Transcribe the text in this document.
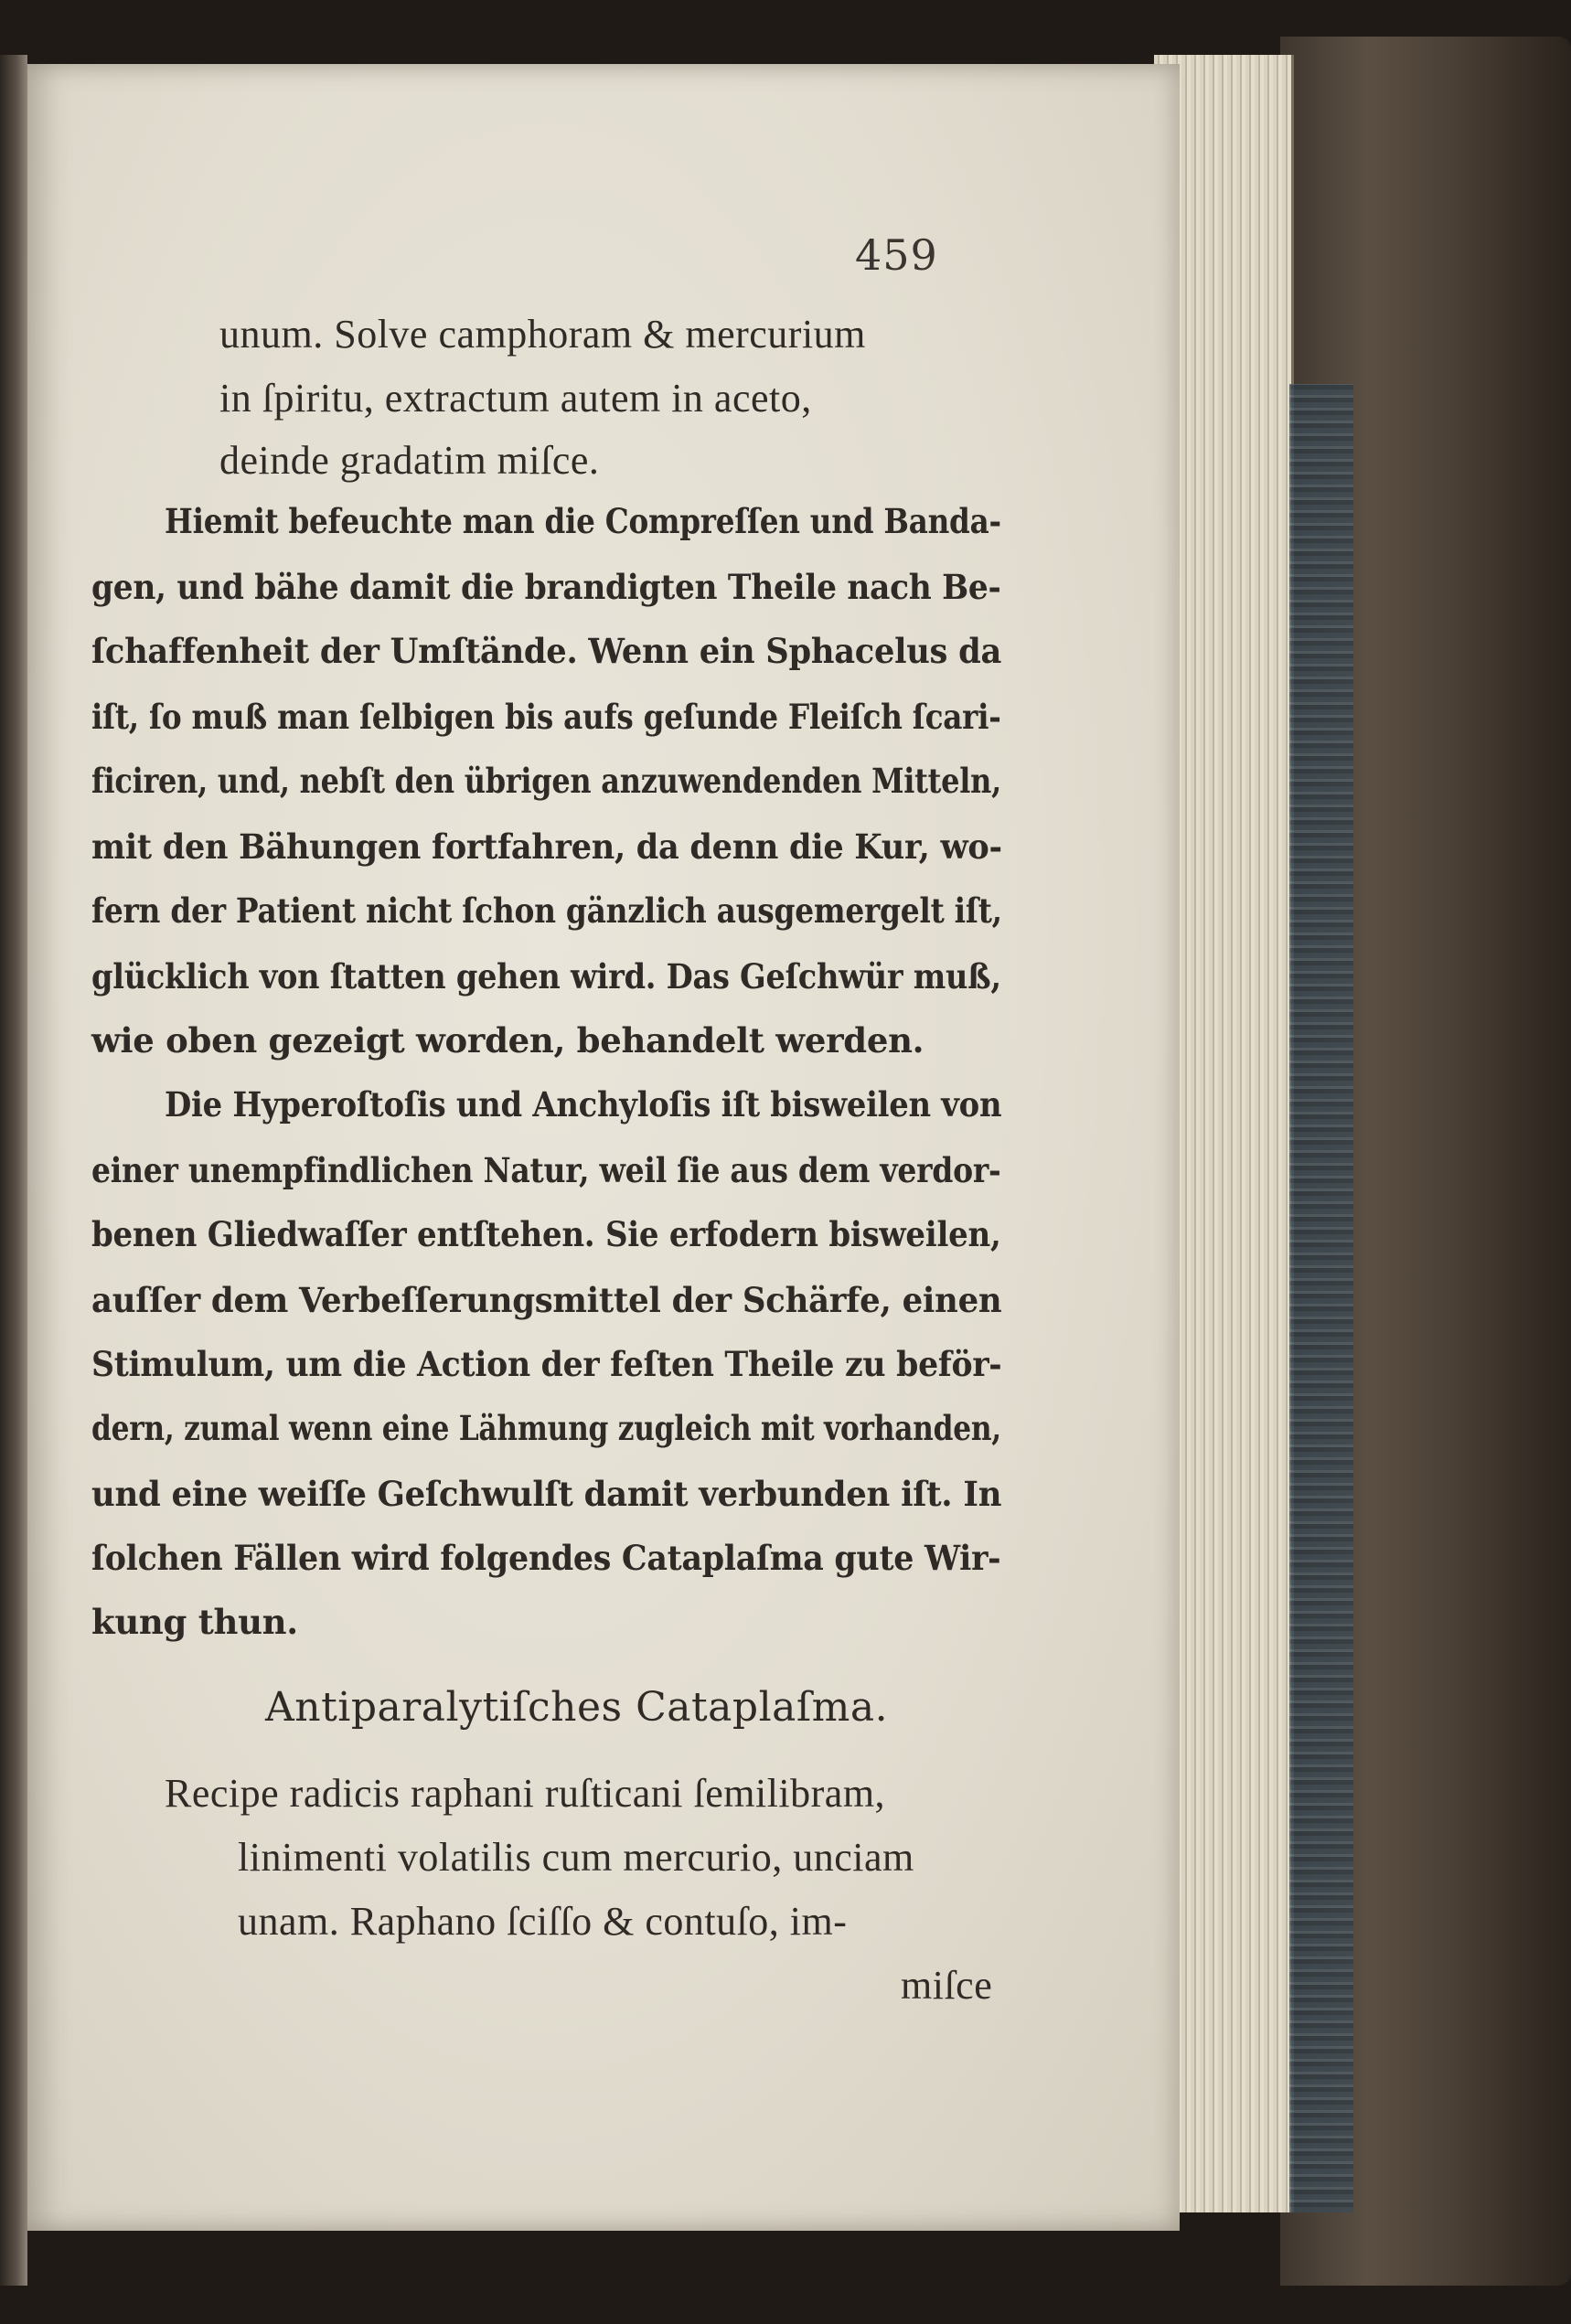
459
unum. Solve camphoram & mercurium
in ſpiritu, extractum autem in aceto,
deinde gradatim miſce.
Hiemit befeuchte man die Compreſſen und Banda-
gen, und bähe damit die brandigten Theile nach Be-
ſchaffenheit der Umſtände. Wenn ein Sphacelus da
iſt, ſo muß man ſelbigen bis aufs geſunde Fleiſch ſcari-
ficiren, und, nebſt den übrigen anzuwendenden Mitteln,
mit den Bähungen fortfahren, da denn die Kur, wo-
fern der Patient nicht ſchon gänzlich ausgemergelt iſt,
glücklich von ſtatten gehen wird. Das Geſchwür muß,
wie oben gezeigt worden, behandelt werden.
Die Hyperoſtoſis und Anchyloſis iſt bisweilen von
einer unempfindlichen Natur, weil ſie aus dem verdor-
benen Gliedwaſſer entſtehen. Sie erfodern bisweilen,
auſſer dem Verbeſſerungsmittel der Schärfe, einen
Stimulum, um die Action der feſten Theile zu beför-
dern, zumal wenn eine Lähmung zugleich mit vorhanden,
und eine weiſſe Geſchwulſt damit verbunden iſt. In
ſolchen Fällen wird folgendes Cataplaſma gute Wir-
kung thun.
Antiparalytiſches Cataplaſma.
Recipe radicis raphani ruſticani ſemilibram,
linimenti volatilis cum mercurio, unciam
unam. Raphano ſciſſo & contuſo, im-
miſce
